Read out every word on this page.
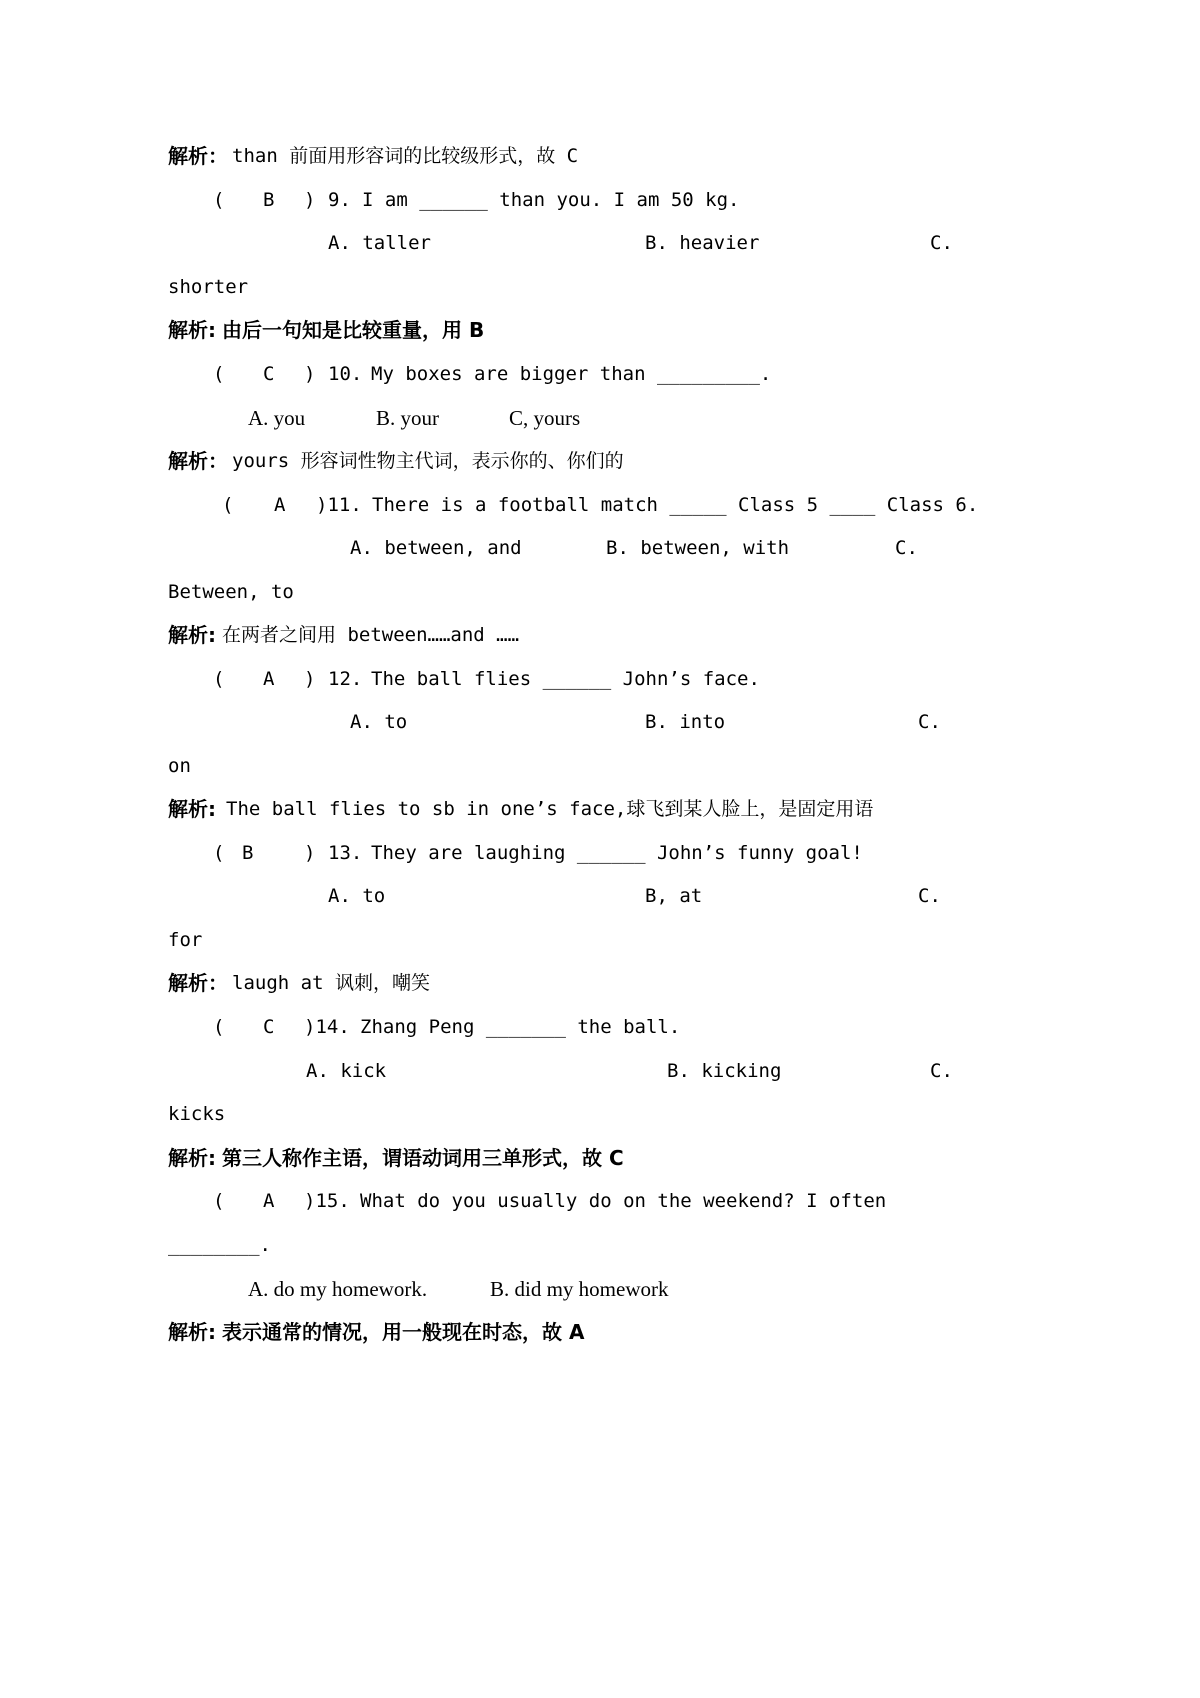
解析：

than 前面用形容词的比较级形式，故 C

(

B

)

9.

I am ______ than you. I am 50 kg.

A. taller

	B. heavier

	C.

shorter

解析:

由后一句知是比较重量，用 B

(

C

)

10.

My boxes are bigger than _________.

A. you

	B. your

	C, yours

解析：

yours 形容词性物主代词，表示你的、你们的

(

A

)11.

There is a football match _____ Class 5 ____ Class 6.

A. between, and

	B. between, with

	C.

Between, to

解析:

在两者之间用 between……and ……

(

A

)

12.

The ball flies ______ John’s face.

A. to

	B. into

	C.

on

解析:

The ball flies to sb in one’s face,球飞到某人脸上，是固定用语

(

B

	)

13.

They are laughing ______ John’s funny goal!

A. to

	B, at

	C.

for

解析：

laugh at 讽刺，嘲笑

(

C

)14.

Zhang Peng _______ the ball.

A. kick

	B. kicking

	C.

kicks

解析:

第三人称作主语，谓语动词用三单形式，故 C

(

A

)15.

What do you usually do on the weekend? I often

________.

A. do my homework.

	B. did my homework

解析:

表示通常的情况，用一般现在时态，故 A
